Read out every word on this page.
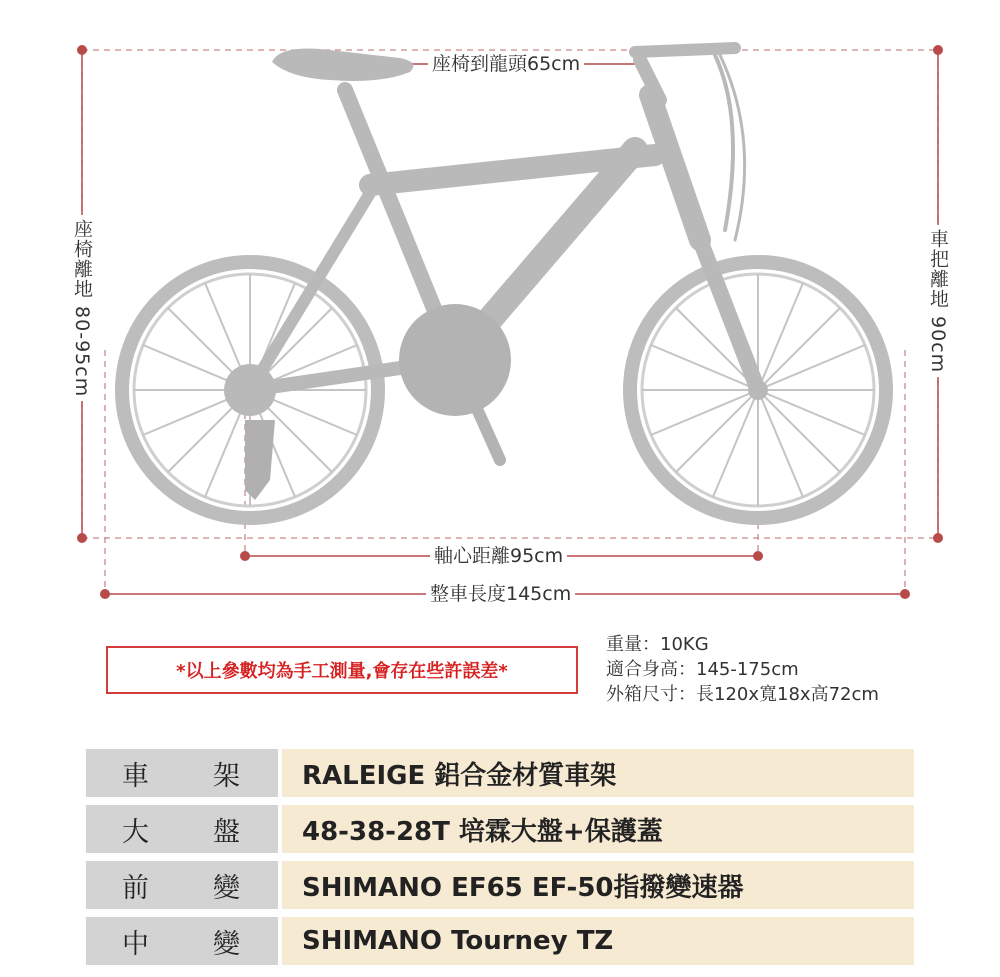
座椅到龍頭65cm
軸心距離95cm
整車長度145cm
座椅離地 80-95cm
車把離地 90cm
*以上參數均為手工測量,會存在些許誤差*
重量：10KG
適合身高：145-175cm
外箱尺寸：長120x寬18x高72cm
車 架	RALEIGE 鋁合金材質車架
大 盤	48-38-28T 培霖大盤+保護蓋
前 變	SHIMANO EF65 EF-50指撥變速器
中 變	SHIMANO Tourney TZ
